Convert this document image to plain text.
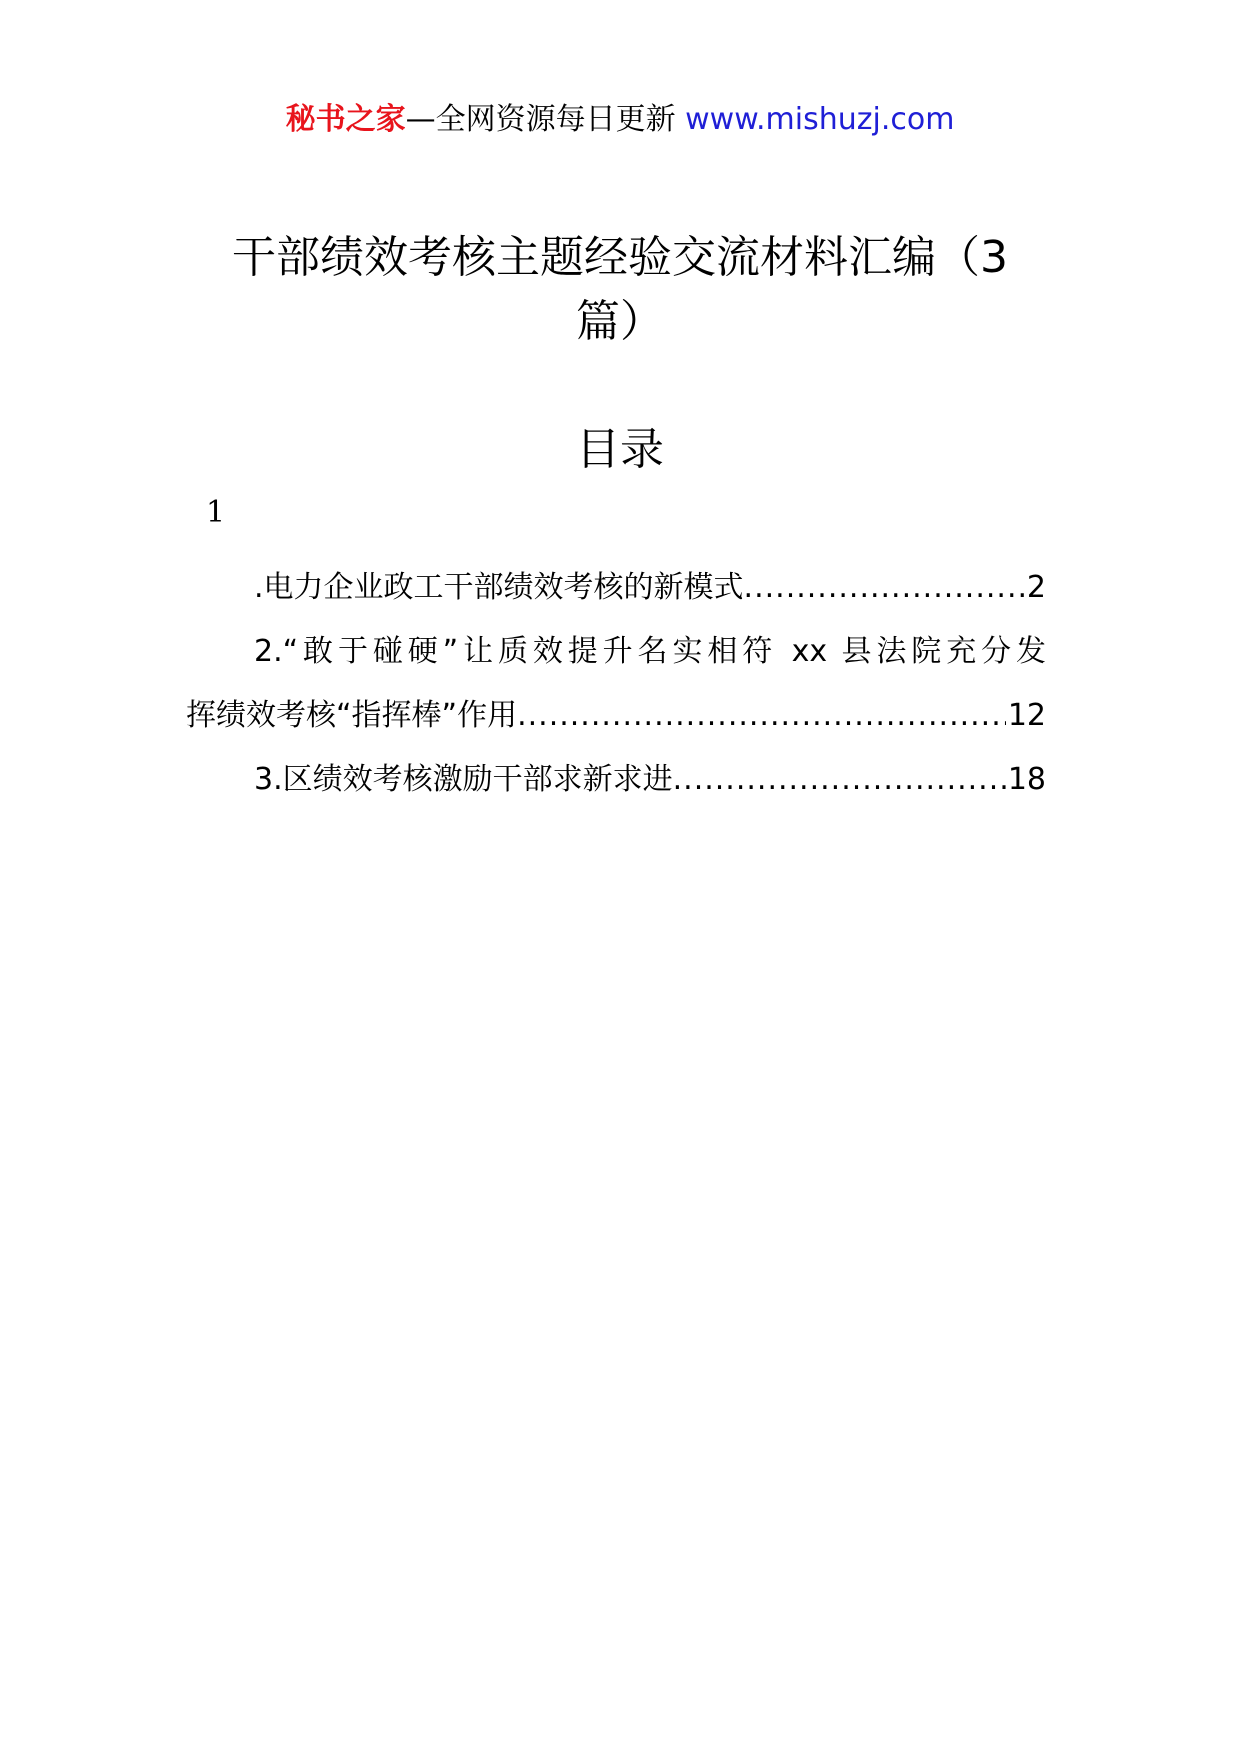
秘书之家—全网资源每日更新 www.mishuzj.com
干部绩效考核主题经验交流材料汇编（3篇）
目录
1
.电力企业政工干部绩效考核的新模式 .....	2
2.“敢于碰硬”让质效提升名实相符 xx 县法院充分发
挥绩效考核“指挥棒”作用 .....	12
3.区绩效考核激励干部求新求进 .....	18
